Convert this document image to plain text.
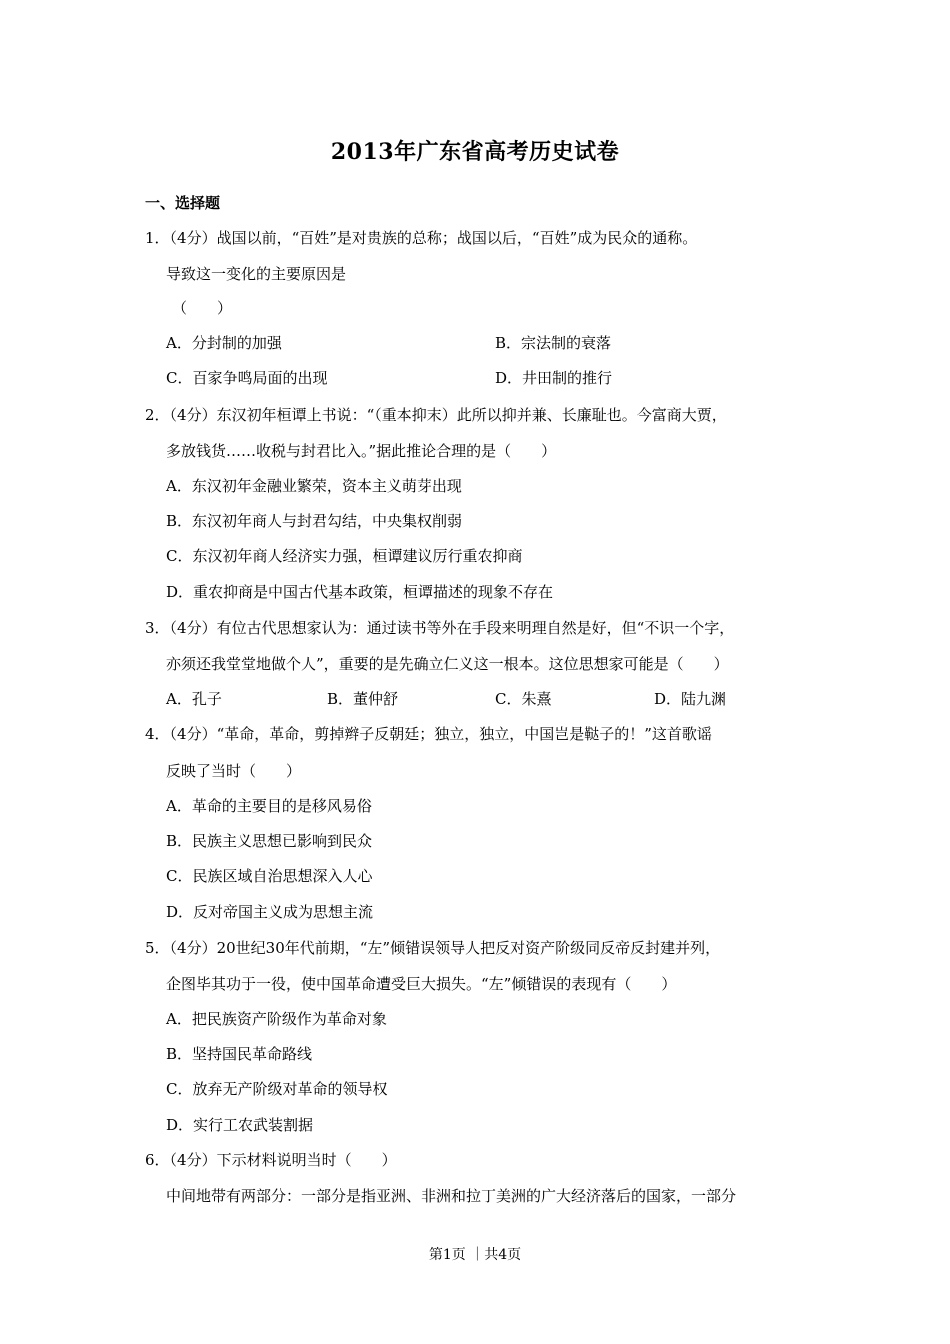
2013年广东省高考历史试卷
一、选择题
1．（4分）战国以前，“百姓”是对贵族的总称；战国以后，“百姓”成为民众的通称。
导致这一变化的主要原因是
（　　）
A．分封制的加强	B．宗法制的衰落
C．百家争鸣局面的出现	D．井田制的推行
2．（4分）东汉初年桓谭上书说：“（重本抑末）此所以抑并兼、长廉耻也。今富商大贾，
多放钱货……收税与封君比入。”据此推论合理的是（　　）
A．东汉初年金融业繁荣，资本主义萌芽出现
B．东汉初年商人与封君勾结，中央集权削弱
C．东汉初年商人经济实力强，桓谭建议厉行重农抑商
D．重农抑商是中国古代基本政策，桓谭描述的现象不存在
3．（4分）有位古代思想家认为：通过读书等外在手段来明理自然是好，但“不识一个字，
亦须还我堂堂地做个人”，重要的是先确立仁义这一根本。这位思想家可能是（　　）
A．孔子	B．董仲舒	C．朱熹	D．陆九渊
4．（4分）“革命，革命，剪掉辫子反朝廷；独立，独立，中国岂是鞑子的！”这首歌谣
反映了当时（　　）
A．革命的主要目的是移风易俗
B．民族主义思想已影响到民众
C．民族区域自治思想深入人心
D．反对帝国主义成为思想主流
5．（4分）20世纪30年代前期，“左”倾错误领导人把反对资产阶级同反帝反封建并列，
企图毕其功于一役，使中国革命遭受巨大损失。“左”倾错误的表现有（　　）
A．把民族资产阶级作为革命对象
B．坚持国民革命路线
C．放弃无产阶级对革命的领导权
D．实行工农武装割据
6．（4分）下示材料说明当时（　　）
中间地带有两部分：一部分是指亚洲、非洲和拉丁美洲的广大经济落后的国家，一部分
第1页 ｜共4页
